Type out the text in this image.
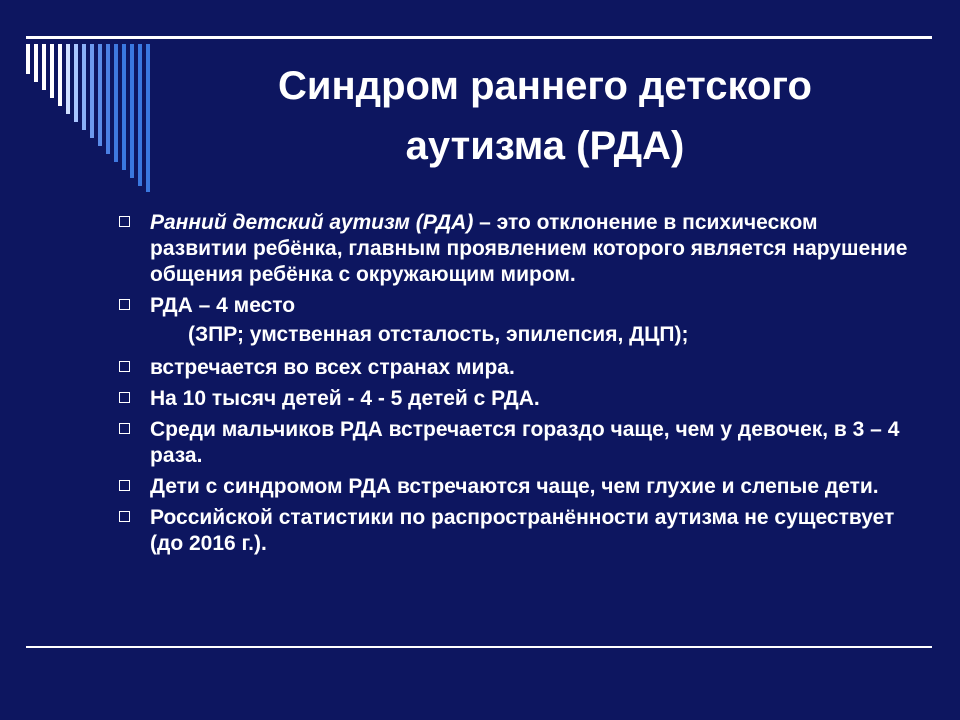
Синдром раннего детского
аутизма (РДА)
Ранний детский аутизм (РДА) – это отклонение в психическом развитии ребёнка, главным проявлением которого является нарушение общения ребёнка с окружающим миром.
РДА – 4 место
(ЗПР; умственная отсталость, эпилепсия, ДЦП);
встречается во всех странах мира.
На 10 тысяч детей - 4 - 5 детей с РДА.
Среди мальчиков РДА встречается гораздо чаще, чем у девочек, в 3 – 4 раза.
Дети с синдромом РДА встречаются чаще, чем глухие и слепые дети.
Российской статистики по распространённости аутизма не существует (до 2016 г.).
